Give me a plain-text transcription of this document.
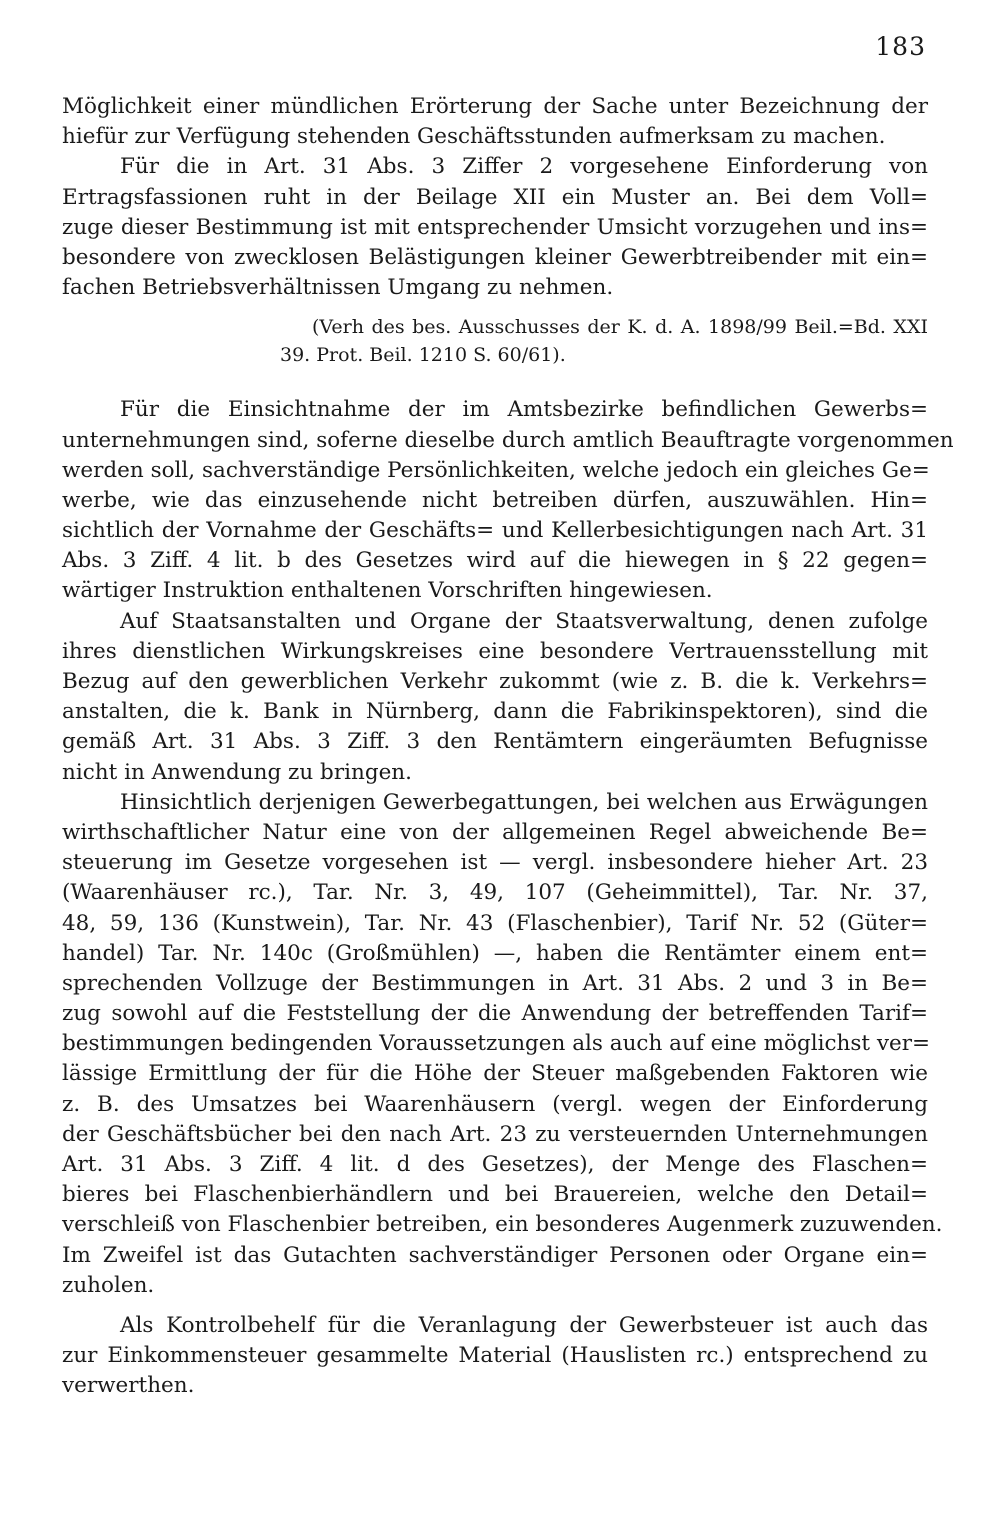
183
Möglichkeit einer mündlichen Erörterung der Sache unter Bezeichnung der
hiefür zur Verfügung stehenden Geschäftsstunden aufmerksam zu machen.
Für die in Art. 31 Abs. 3 Ziffer 2 vorgesehene Einforderung von
Ertragsfassionen ruht in der Beilage XII ein Muster an. Bei dem Voll=
zuge dieser Bestimmung ist mit entsprechender Umsicht vorzugehen und ins=
besondere von zwecklosen Belästigungen kleiner Gewerbtreibender mit ein=
fachen Betriebsverhältnissen Umgang zu nehmen.
(Verh des bes. Ausschusses der K. d. A. 1898/99 Beil.=Bd. XXI
39. Prot. Beil. 1210 S. 60/61).
Für die Einsichtnahme der im Amtsbezirke befindlichen Gewerbs=
unternehmungen sind, soferne dieselbe durch amtlich Beauftragte vorgenommen
werden soll, sachverständige Persönlichkeiten, welche jedoch ein gleiches Ge=
werbe, wie das einzusehende nicht betreiben dürfen, auszuwählen. Hin=
sichtlich der Vornahme der Geschäfts= und Kellerbesichtigungen nach Art. 31
Abs. 3 Ziff. 4 lit. b des Gesetzes wird auf die hiewegen in § 22 gegen=
wärtiger Instruktion enthaltenen Vorschriften hingewiesen.
Auf Staatsanstalten und Organe der Staatsverwaltung, denen zufolge
ihres dienstlichen Wirkungskreises eine besondere Vertrauensstellung mit
Bezug auf den gewerblichen Verkehr zukommt (wie z. B. die k. Verkehrs=
anstalten, die k. Bank in Nürnberg, dann die Fabrikinspektoren), sind die
gemäß Art. 31 Abs. 3 Ziff. 3 den Rentämtern eingeräumten Befugnisse
nicht in Anwendung zu bringen.
Hinsichtlich derjenigen Gewerbegattungen, bei welchen aus Erwägungen
wirthschaftlicher Natur eine von der allgemeinen Regel abweichende Be=
steuerung im Gesetze vorgesehen ist — vergl. insbesondere hieher Art. 23
(Waarenhäuser rc.), Tar. Nr. 3, 49, 107 (Geheimmittel), Tar. Nr. 37,
48, 59, 136 (Kunstwein), Tar. Nr. 43 (Flaschenbier), Tarif Nr. 52 (Güter=
handel) Tar. Nr. 140c (Großmühlen) —, haben die Rentämter einem ent=
sprechenden Vollzuge der Bestimmungen in Art. 31 Abs. 2 und 3 in Be=
zug sowohl auf die Feststellung der die Anwendung der betreffenden Tarif=
bestimmungen bedingenden Voraussetzungen als auch auf eine möglichst ver=
lässige Ermittlung der für die Höhe der Steuer maßgebenden Faktoren wie
z. B. des Umsatzes bei Waarenhäusern (vergl. wegen der Einforderung
der Geschäftsbücher bei den nach Art. 23 zu versteuernden Unternehmungen
Art. 31 Abs. 3 Ziff. 4 lit. d des Gesetzes), der Menge des Flaschen=
bieres bei Flaschenbierhändlern und bei Brauereien, welche den Detail=
verschleiß von Flaschenbier betreiben, ein besonderes Augenmerk zuzuwenden.
Im Zweifel ist das Gutachten sachverständiger Personen oder Organe ein=
zuholen.
Als Kontrolbehelf für die Veranlagung der Gewerbsteuer ist auch das
zur Einkommensteuer gesammelte Material (Hauslisten rc.) entsprechend zu
verwerthen.
